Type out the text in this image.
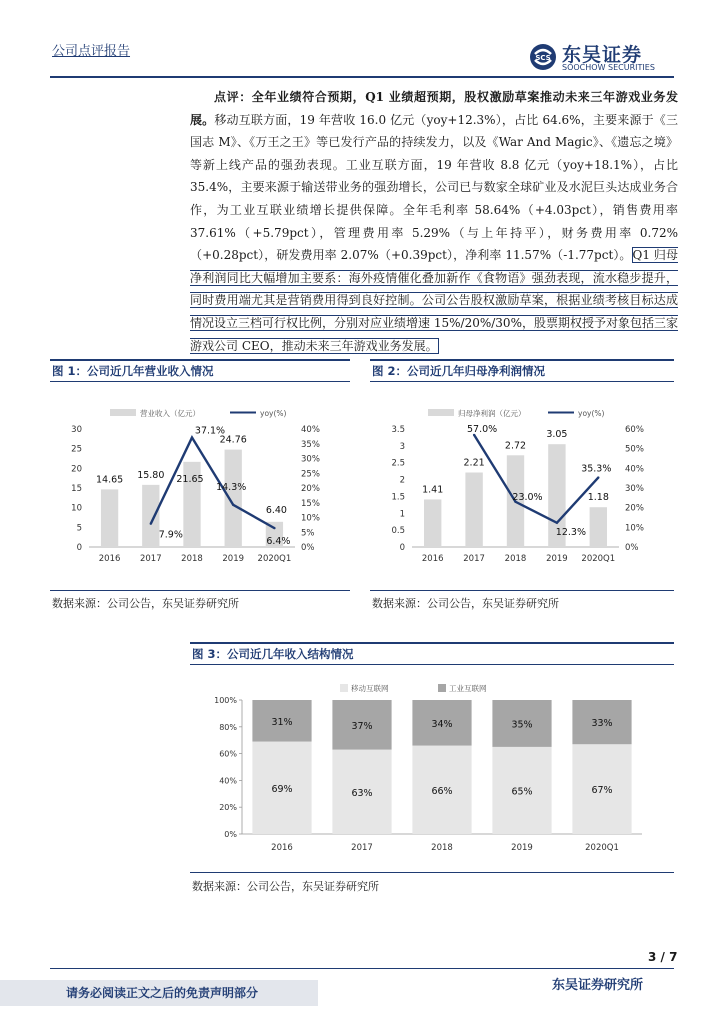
公司点评报告	SCS 东吴证券
SOOCHOW SECURITIES
点评：全年业绩符合预期，Q1 业绩超预期，股权激励草案推动未来三年游戏业务发展。移动互联方面，19 年营收 16.0 亿元（yoy+12.3%），占比 64.6%，主要来源于《三国志 M》、《万王之王》等已发行产品的持续发力，以及《War And Magic》、《遗忘之境》等新上线产品的强劲表现。工业互联方面，19 年营收 8.8 亿元（yoy+18.1%），占比 35.4%，主要来源于输送带业务的强劲增长，公司已与数家全球矿业及水泥巨头达成业务合作，为工业互联业绩增长提供保障。全年毛利率 58.64%（+4.03pct），销售费用率 37.61%（+5.79pct），管理费用率 5.29%（与上年持平），财务费用率 0.72%（+0.28pct），研发费用率 2.07%（+0.39pct），净利率 11.57%（-1.77pct）。Q1 归母净利润同比大幅增加主要系：海外疫情催化叠加新作《食物语》强劲表现，流水稳步提升，同时费用端尤其是营销费用得到良好控制。公司公告股权激励草案，根据业绩考核目标达成情况设立三档可行权比例，分别对应业绩增速 15%/20%/30%，股票期权授予对象包括三家游戏公司 CEO，推动未来三年游戏业务发展。
图 1：公司近几年营业收入情况
营业收入（亿元）	yoy(%)
0
5
10
15
20
25
30
0%
5%
10%
15%
20%
25%
30%
35%
40%
2016 2017 2018 2019 2020Q1
14.65 15.80 21.65
24.76
6.40
7.9%
37.1%
14.3%
6.4%
数据来源：公司公告，东吴证券研究所
图 2：公司近几年归母净利润情况
归母净利润（亿元）	yoy(%)
0
0.5
1
1.5
2
2.5
3
3.5
0%
10%
20%
30%
40%
50%
60%
2016 2017 2018 2019 2020Q1
1.41
2.21
2.72
3.05
1.18
57.0%
23.0%
12.3%
35.3%
数据来源：公司公告，东吴证券研究所
图 3：公司近几年收入结构情况
移动互联网	工业互联网
0%
20%
40%
60%
80%
100%
2016	2017	2018	2019	2020Q1
69%
31%
63%
37%
66%
34%
65%
35%
67%
33%
数据来源：公司公告，东吴证券研究所
3 / 7
请务必阅读正文之后的免责声明部分	东吴证券研究所
